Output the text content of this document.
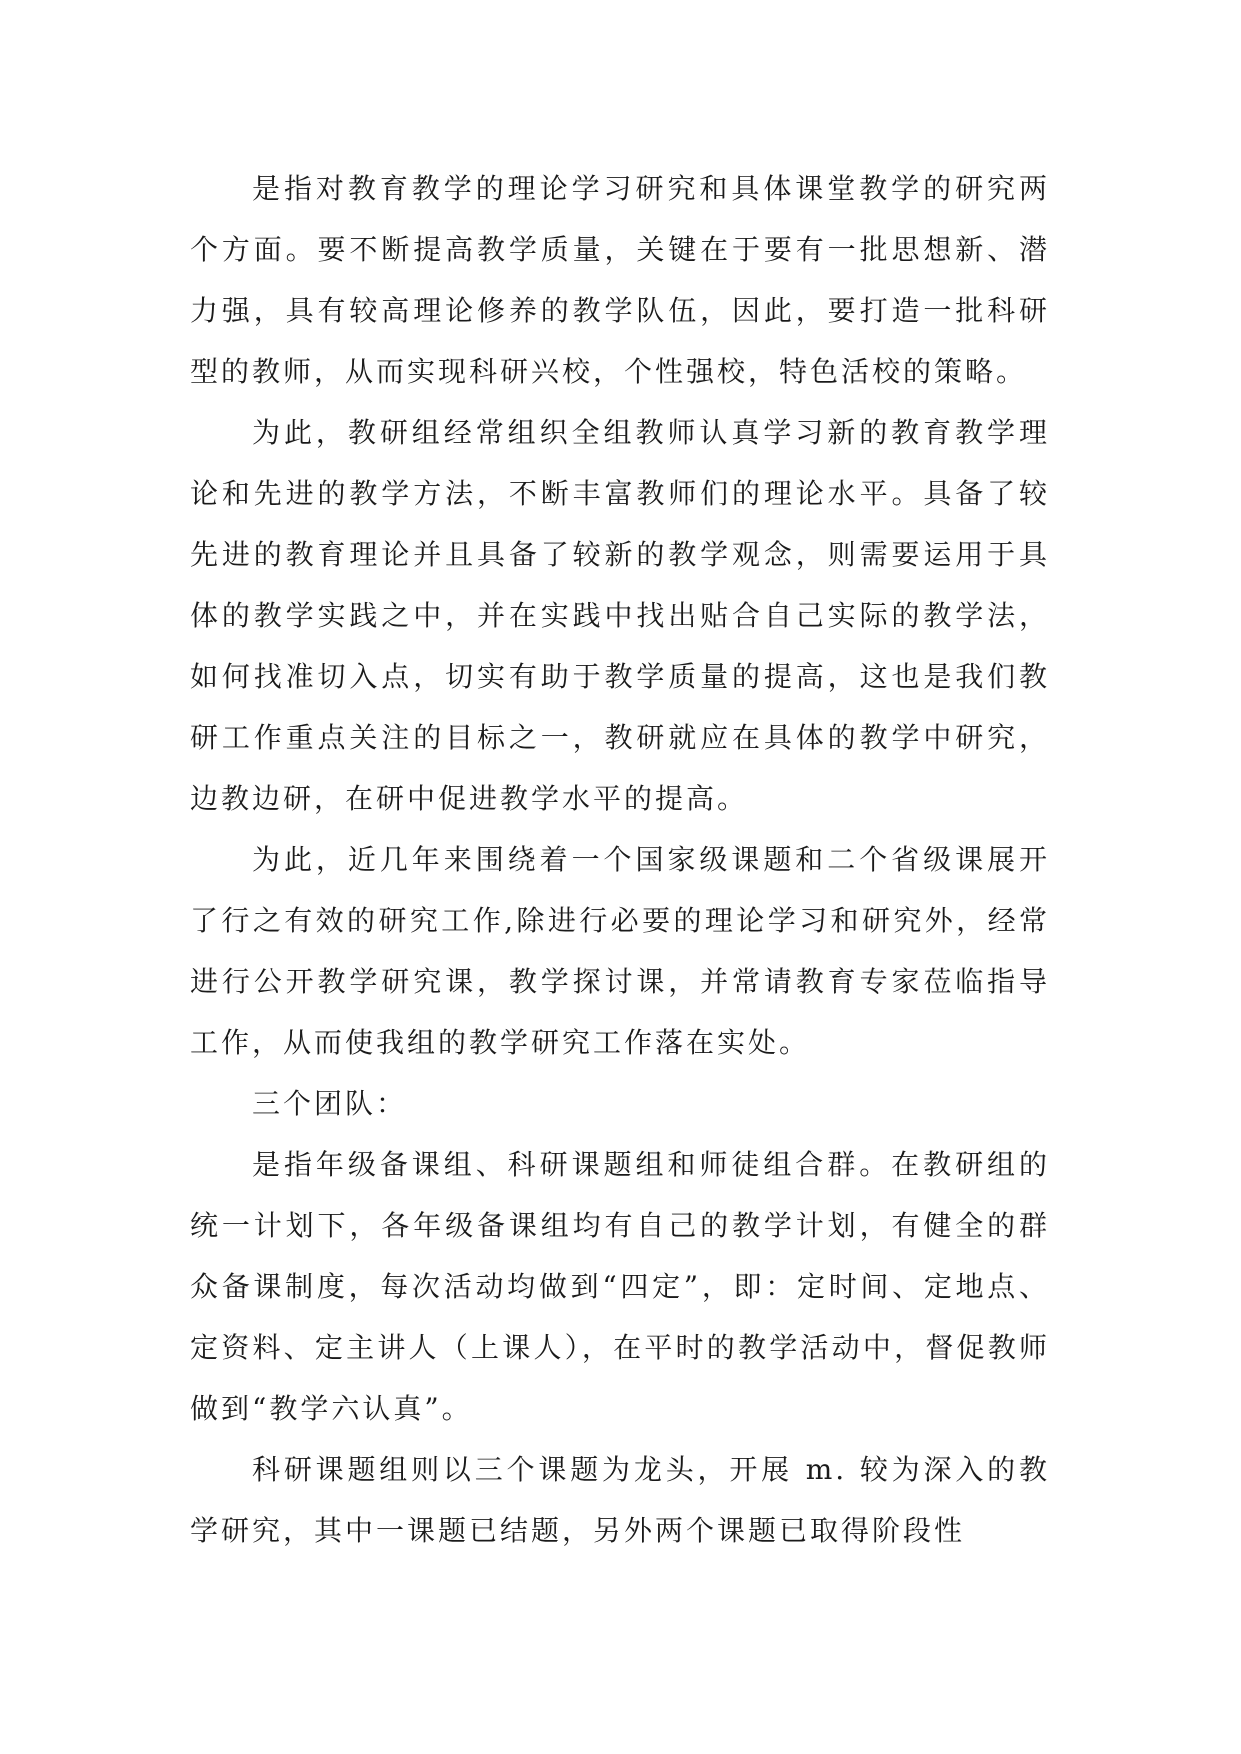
是指对教育教学的理论学习研究和具体课堂教学的研究两个方面。要不断提高教学质量，关键在于要有一批思想新、潜力强，具有较高理论修养的教学队伍，因此，要打造一批科研型的教师，从而实现科研兴校，个性强校，特色活校的策略。

为此，教研组经常组织全组教师认真学习新的教育教学理论和先进的教学方法，不断丰富教师们的理论水平。具备了较先进的教育理论并且具备了较新的教学观念，则需要运用于具体的教学实践之中，并在实践中找出贴合自己实际的教学法，如何找准切入点，切实有助于教学质量的提高，这也是我们教研工作重点关注的目标之一，教研就应在具体的教学中研究，边教边研，在研中促进教学水平的提高。

为此，近几年来围绕着一个国家级课题和二个省级课展开了行之有效的研究工作,除进行必要的理论学习和研究外，经常进行公开教学研究课，教学探讨课，并常请教育专家莅临指导工作，从而使我组的教学研究工作落在实处。

三个团队：

是指年级备课组、科研课题组和师徒组合群。在教研组的统一计划下，各年级备课组均有自己的教学计划，有健全的群众备课制度，每次活动均做到“四定”，即：定时间、定地点、定资料、定主讲人（上课人），在平时的教学活动中，督促教师做到“教学六认真”。

科研课题组则以三个课题为龙头，开展 m. 较为深入的教学研究，其中一课题已结题，另外两个课题已取得阶段性
